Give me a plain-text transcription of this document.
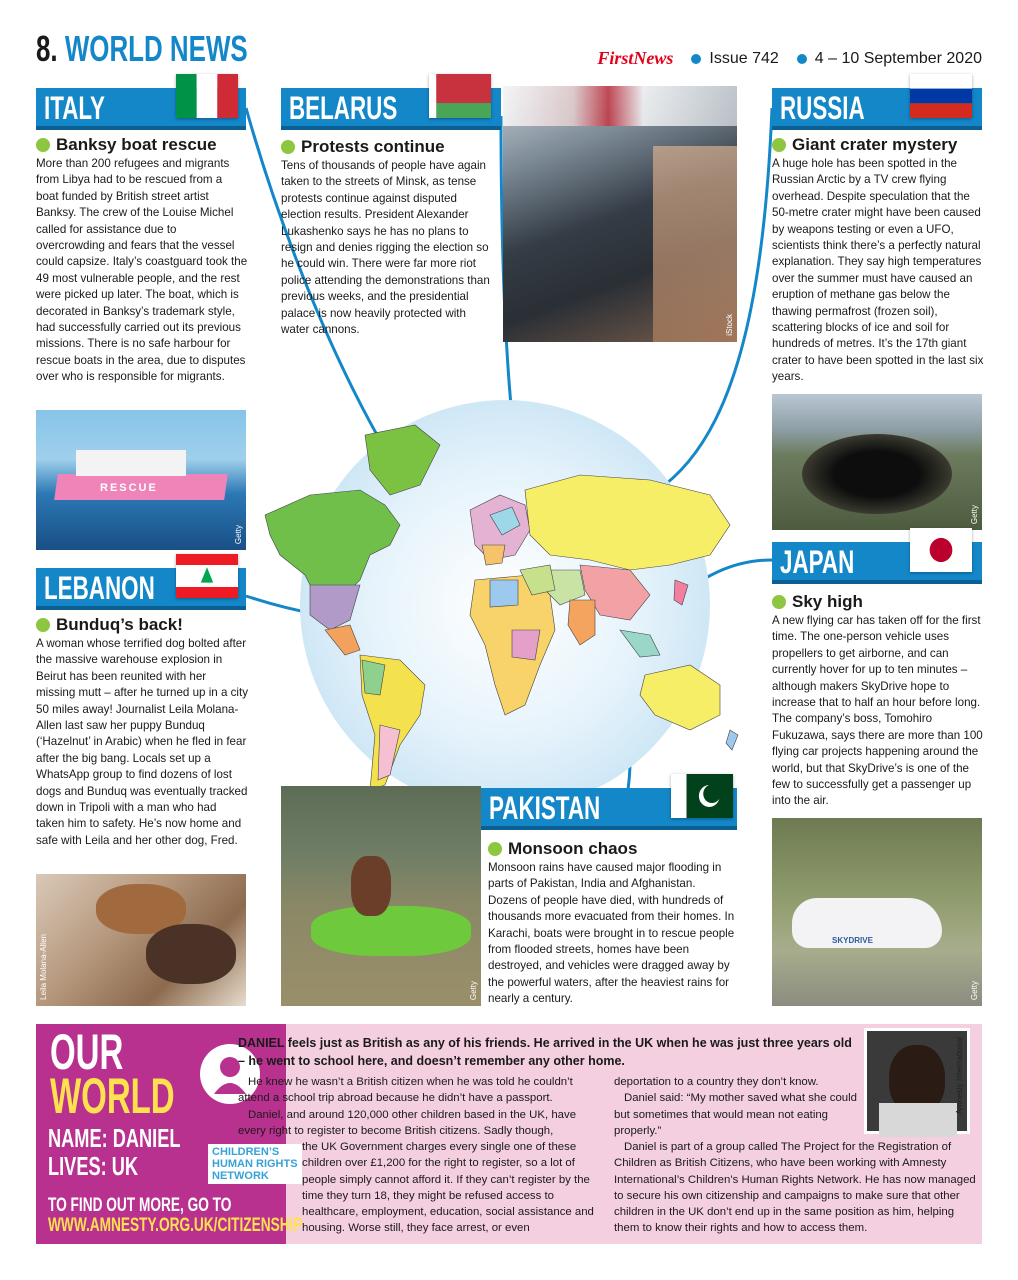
8. WORLD NEWS	FirstNews Issue 742 4 – 10 September 2020
ITALY
Banksy boat rescue
More than 200 refugees and migrants from Libya had to be rescued from a boat funded by British street artist Banksy. The crew of the Louise Michel called for assistance due to overcrowding and fears that the vessel could capsize. Italy’s coastguard took the 49 most vulnerable people, and the rest were picked up later. The boat, which is decorated in Banksy’s trademark style, had successfully carried out its previous missions. There is no safe harbour for rescue boats in the area, due to disputes over who is responsible for migrants.
RESCUE
Getty
BELARUS
Protests continue
Tens of thousands of people have again taken to the streets of Minsk, as tense protests continue against disputed election results. President Alexander Lukashenko says he has no plans to resign and denies rigging the election so he could win. There were far more riot police attending the demonstrations than previous weeks, and the presidential palace is now heavily protected with water cannons.	iStock
RUSSIA
Giant crater mystery
A huge hole has been spotted in the Russian Arctic by a TV crew flying overhead. Despite speculation that the 50-metre crater might have been caused by weapons testing or even a UFO, scientists think there’s a perfectly natural explanation. They say high temperatures over the summer must have caused an eruption of methane gas below the thawing permafrost (frozen soil), scattering blocks of ice and soil for hundreds of metres. It’s the 17th giant crater to have been spotted in the last six years.
Getty
LEBANON
Bunduq’s back!
A woman whose terrified dog bolted after the massive warehouse explosion in Beirut has been reunited with her missing mutt – after he turned up in a city 50 miles away! Journalist Leila Molana-Allen last saw her puppy Bunduq (‘Hazelnut’ in Arabic) when he fled in fear after the big bang. Locals set up a WhatsApp group to find dozens of lost dogs and Bunduq was eventually tracked down in Tripoli with a man who had taken him to safety. He’s now home and safe with Leila and her other dog, Fred.
Leila Molana-Allen
JAPAN
Sky high
A new flying car has taken off for the first time. The one-person vehicle uses propellers to get airborne, and can currently hover for up to ten minutes – although makers SkyDrive hope to increase that to half an hour before long. The company’s boss, Tomohiro Fukuzawa, says there are more than 100 flying car projects happening around the world, but that SkyDrive’s is one of the few to successfully get a passenger up into the air.
SKYDRIVE
Getty
Getty
PAKISTAN
Monsoon chaos
Monsoon rains have caused major flooding in parts of Pakistan, India and Afghanistan. Dozens of people have died, with hundreds of thousands more evacuated from their homes. In Karachi, boats were brought in to rescue people from flooded streets, homes have been destroyed, and vehicles were dragged away by the powerful waters, after the heaviest rains for nearly a century.
OUR
WORLD
NAME: DANIEL
LIVES: UK	CHILDREN’S
HUMAN RIGHTS
NETWORK
TO FIND OUT MORE, GO TO
WWW.AMNESTY.ORG.UK/CITIZENSHIP
DANIEL feels just as British as any of his friends. He arrived in the UK when he was just three years old – he went to school here, and doesn’t remember any other home.

He knew he wasn’t a British citizen when he was told he couldn’t attend a school trip abroad because he didn’t have a passport.

Daniel, and around 120,000 other children based in the UK, have every right to register to become British citizens. Sadly though,

the UK Government charges every single one of these children over £1,200 for the right to register, so a lot of people simply cannot afford it. If they can’t register by the time they turn 18, they might be refused access to healthcare, employment, education, social assistance and housing. Worse still, they face arrest, or even
deportation to a country they don’t know.

Daniel said: “My mother saved what she could but sometimes that would mean not eating properly.”

Daniel is part of a group called The Project for the Registration of Children as British Citizens, who have been working with Amnesty International’s Children’s Human Rights Network. He has now managed to secure his own citizenship and campaigns to make sure that other children in the UK don’t end up in the same position as him, helping them to know their rights and how to access them.

Amnesty International
